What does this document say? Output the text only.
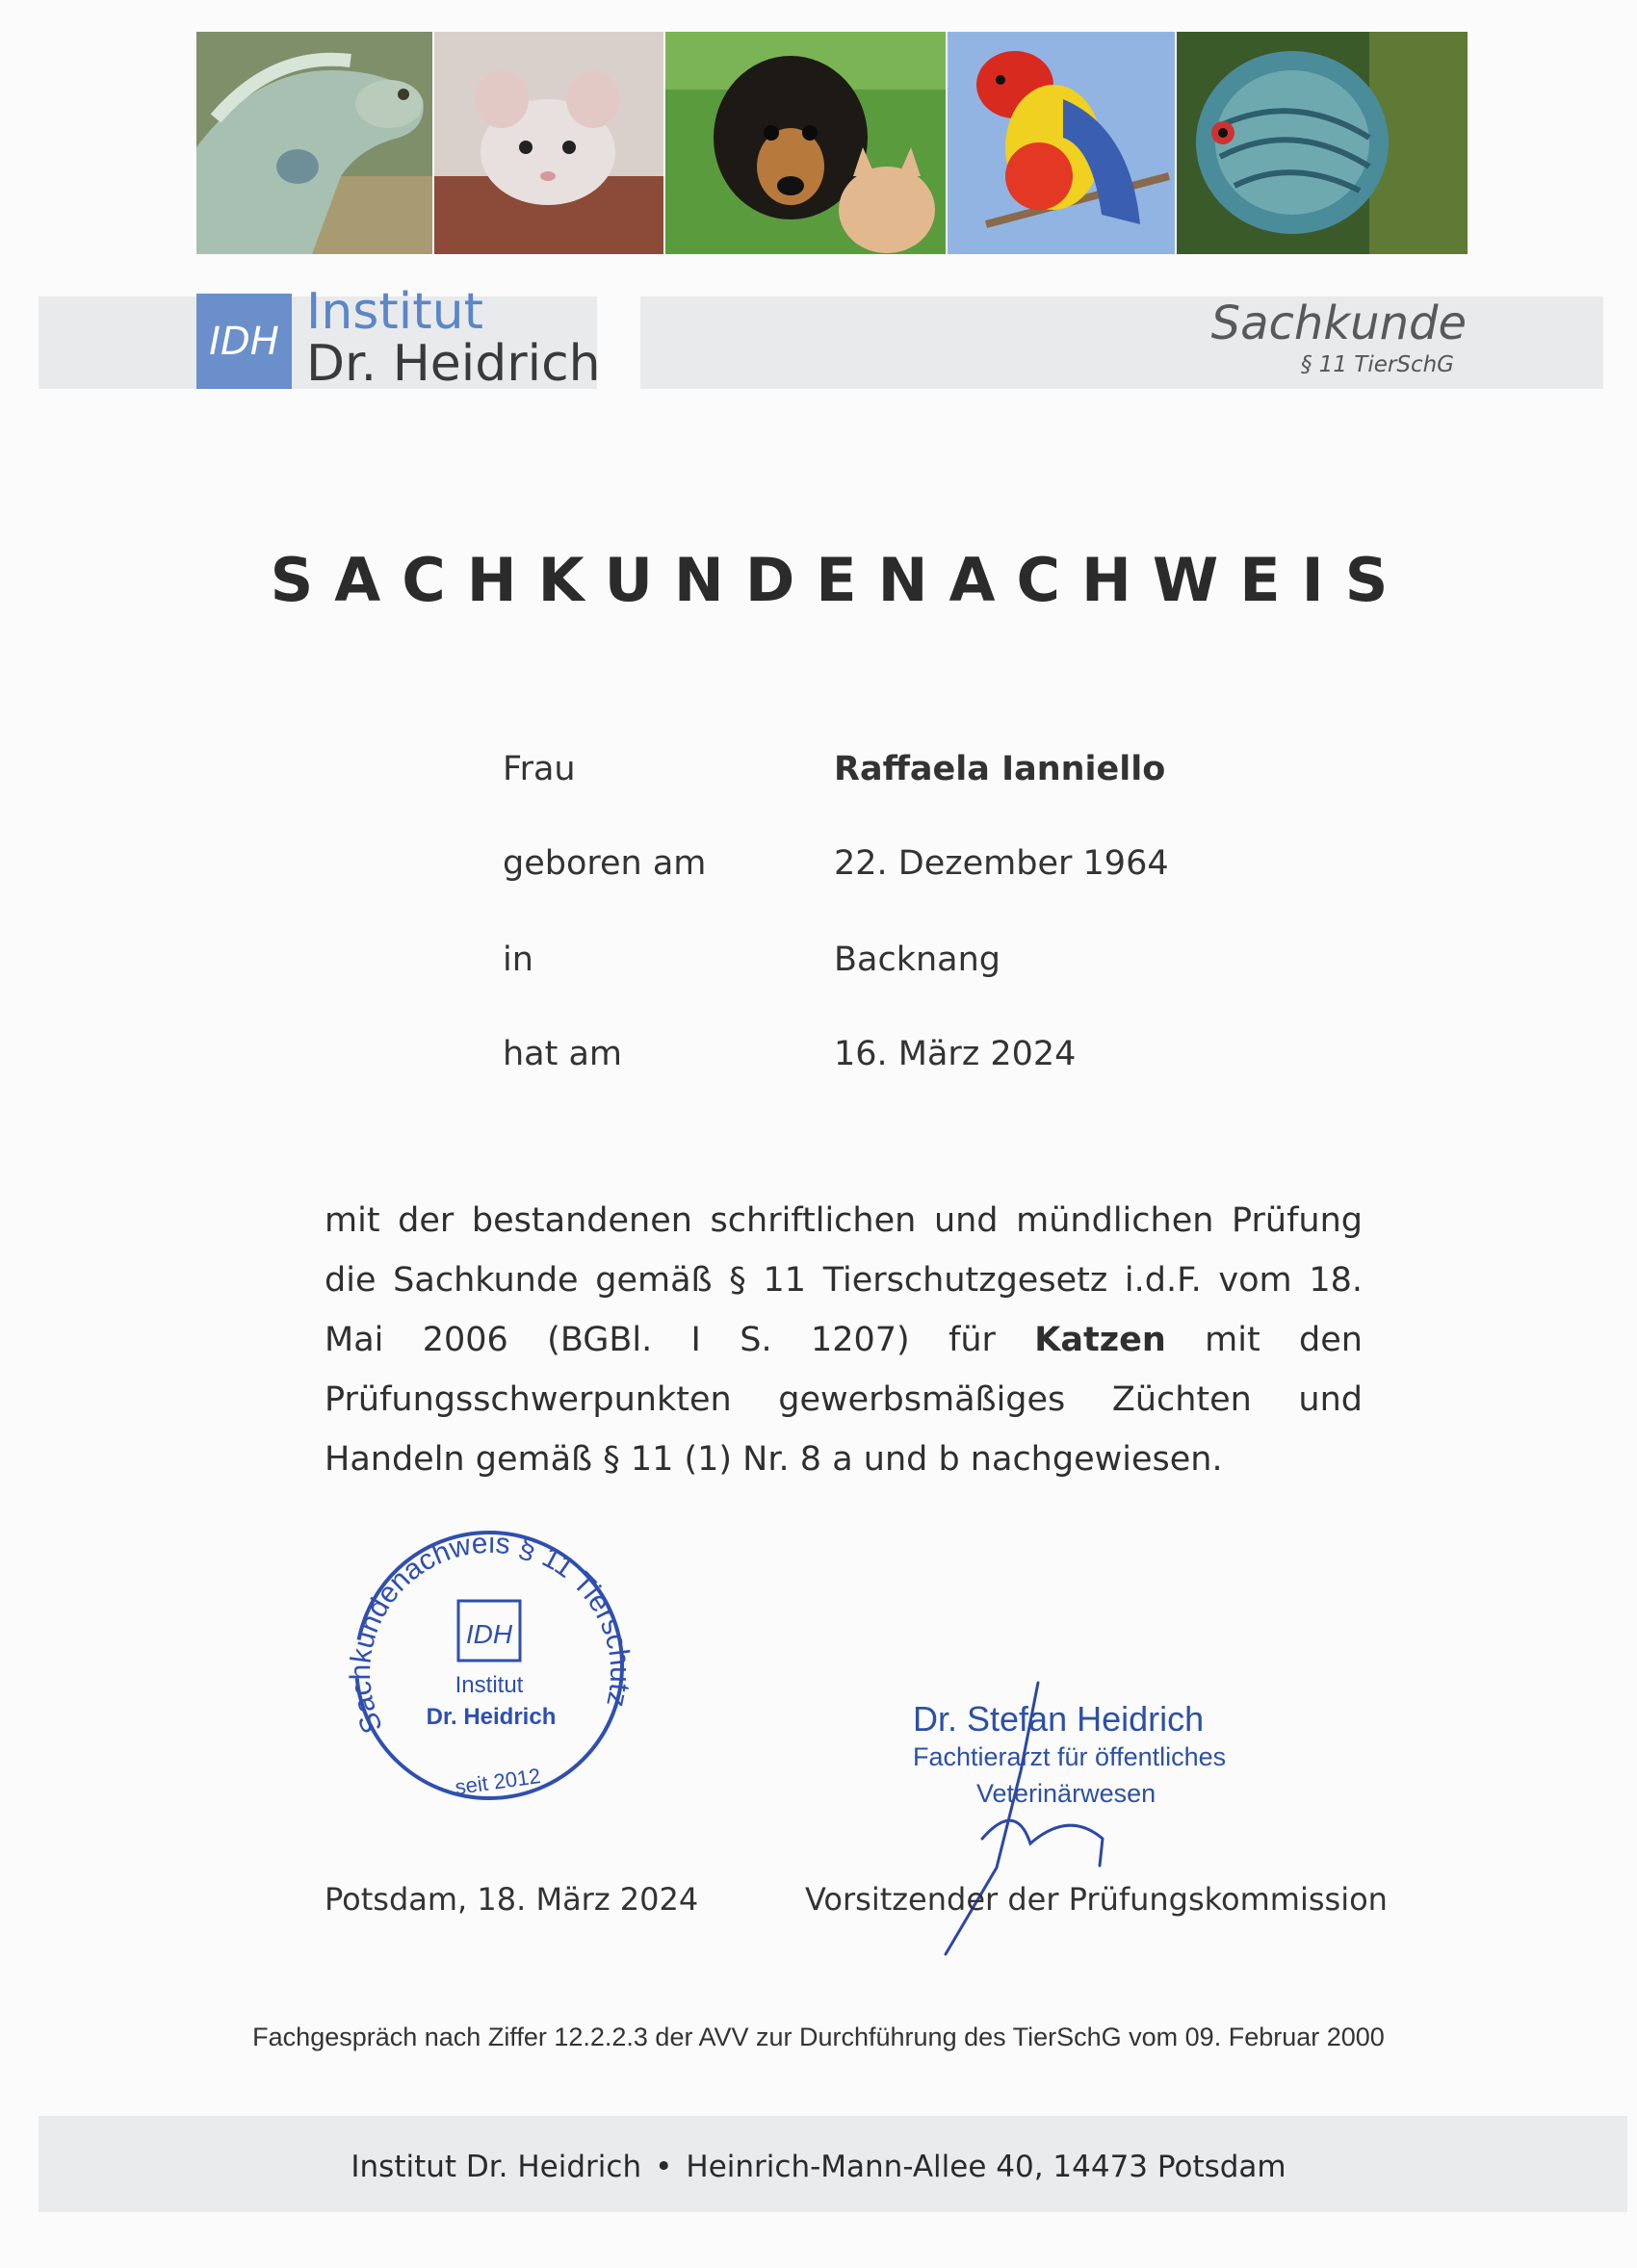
IDH
Institut
Dr. Heidrich
Sachkunde
§ 11 TierSchG
SACHKUNDENACHWEIS
Frau	Raffaela Ianniello
geboren am	22. Dezember 1964
in	Backnang
hat am	16. März 2024
mit der bestandenen schriftlichen und mündlichen Prüfung die Sachkunde gemäß § 11 Tierschutzgesetz i.d.F. vom 18. Mai 2006 (BGBl. I S. 1207) für Katzen mit den Prüfungsschwerpunkten gewerbsmäßiges Züchten und Handeln gemäß § 11 (1) Nr. 8 a und b nachgewiesen.
Sachkundenachweis § 11 Tierschutz
IDH
Institut
Dr. Heidrich
seit 2012
Dr. Stefan Heidrich
Fachtierarzt für öffentliches
Veterinärwesen
Potsdam, 18. März 2024	Vorsitzender der Prüfungskommission
Fachgespräch nach Ziffer 12.2.2.3 der AVV zur Durchführung des TierSchG vom 09. Februar 2000
Institut Dr. Heidrich • Heinrich-Mann-Allee 40, 14473 Potsdam
